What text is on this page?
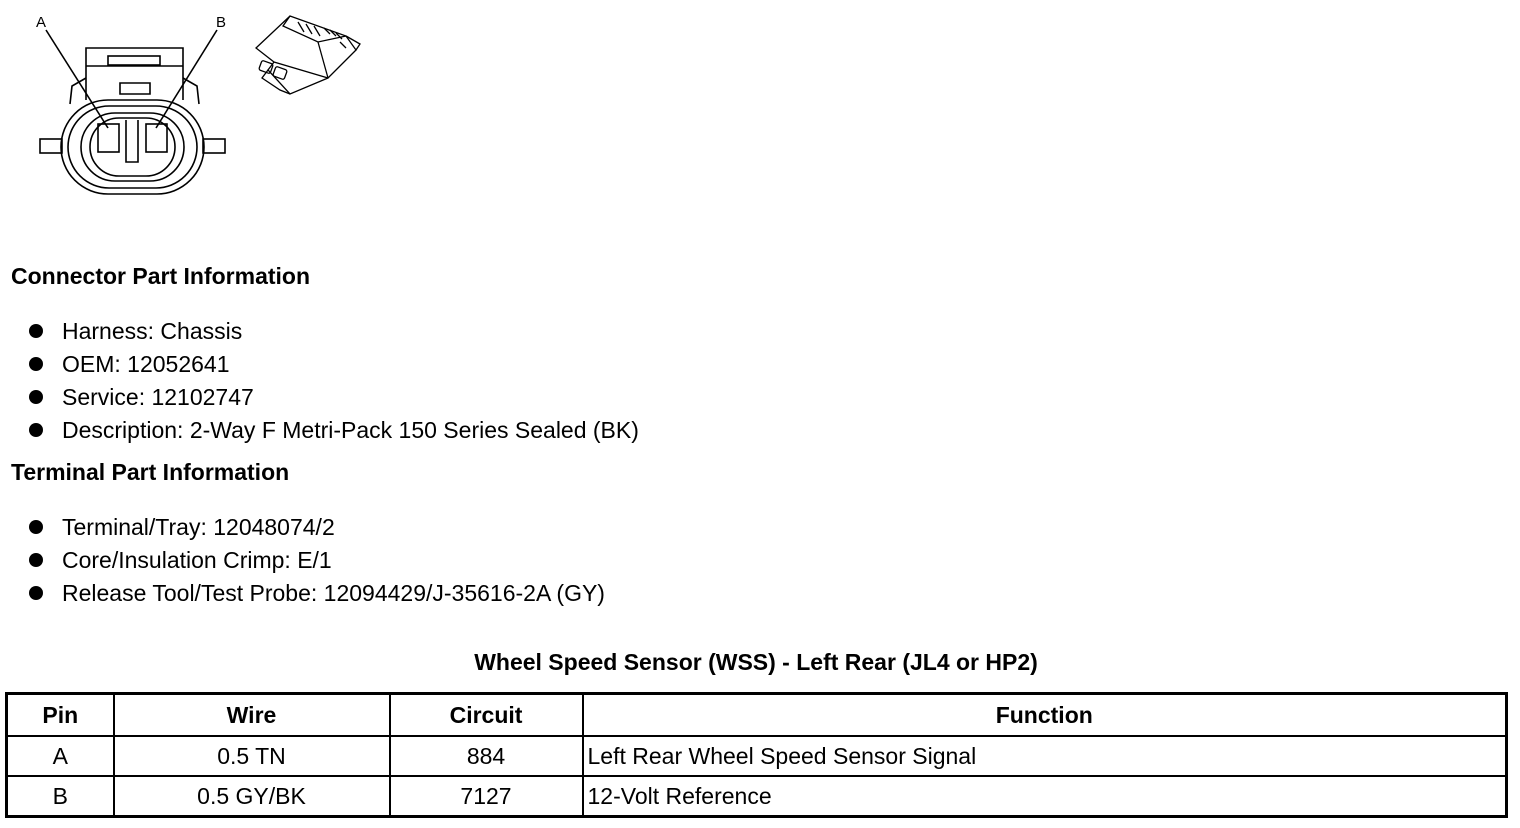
A	B
Connector Part Information
Harness: Chassis
OEM: 12052641
Service: 12102747
Description: 2-Way F Metri-Pack 150 Series Sealed (BK)
Terminal Part Information
Terminal/Tray: 12048074/2
Core/Insulation Crimp: E/1
Release Tool/Test Probe: 12094429/J-35616-2A (GY)
Wheel Speed Sensor (WSS) - Left Rear (JL4 or HP2)
Pin	Wire	Circuit	Function
A	0.5 TN	884	Left Rear Wheel Speed Sensor Signal
B	0.5 GY/BK	7127	12-Volt Reference
